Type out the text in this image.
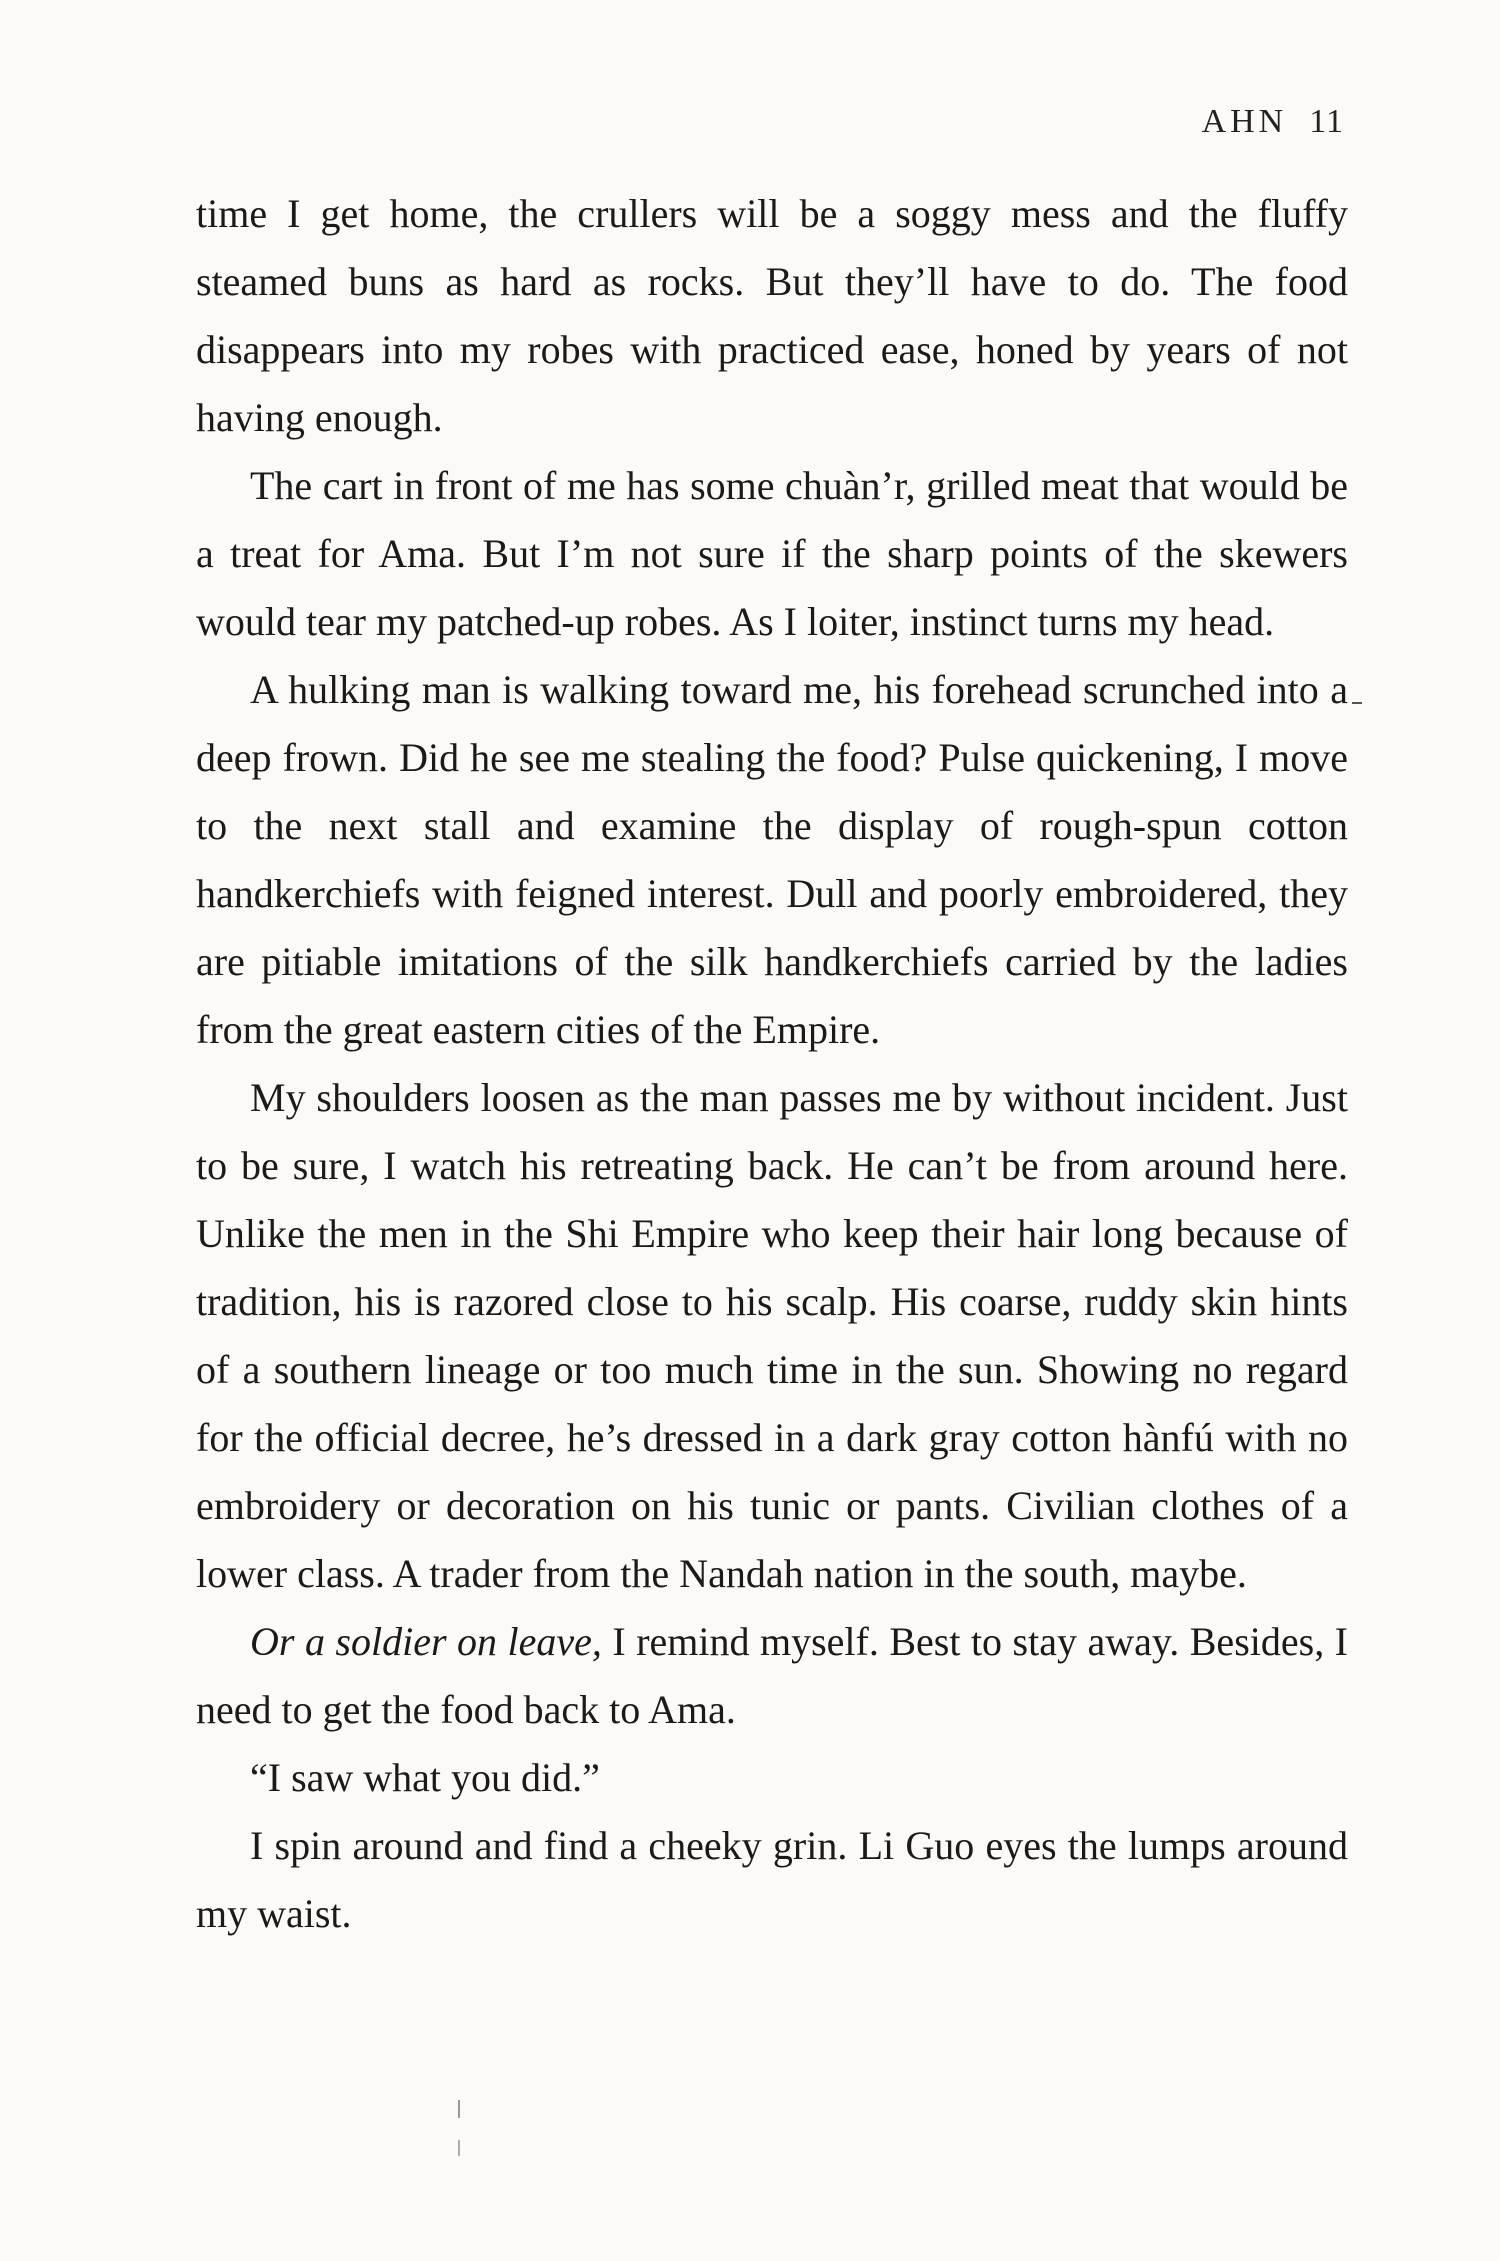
AHN 11

time I get home, the crullers will be a soggy mess and the fluffy steamed buns as hard as rocks. But they’ll have to do. The food disappears into my robes with practiced ease, honed by years of not having enough.

The cart in front of me has some chuàn’r, grilled meat that would be a treat for Ama. But I’m not sure if the sharp points of the skewers would tear my patched-up robes. As I loiter, instinct turns my head.

A hulking man is walking toward me, his forehead scrunched into a deep frown. Did he see me stealing the food? Pulse quickening, I move to the next stall and examine the display of rough-spun cotton handkerchiefs with feigned interest. Dull and poorly embroidered, they are pitiable imitations of the silk handkerchiefs carried by the ladies from the great eastern cities of the Empire.

My shoulders loosen as the man passes me by without incident. Just to be sure, I watch his retreating back. He can’t be from around here. Unlike the men in the Shi Empire who keep their hair long because of tradition, his is razored close to his scalp. His coarse, ruddy skin hints of a southern lineage or too much time in the sun. Showing no regard for the official decree, he’s dressed in a dark gray cotton hànfú with no embroidery or decoration on his tunic or pants. Civilian clothes of a lower class. A trader from the Nandah nation in the south, maybe.

Or a soldier on leave, I remind myself. Best to stay away. Besides, I need to get the food back to Ama.

“I saw what you did.”

I spin around and find a cheeky grin. Li Guo eyes the lumps around my waist.
